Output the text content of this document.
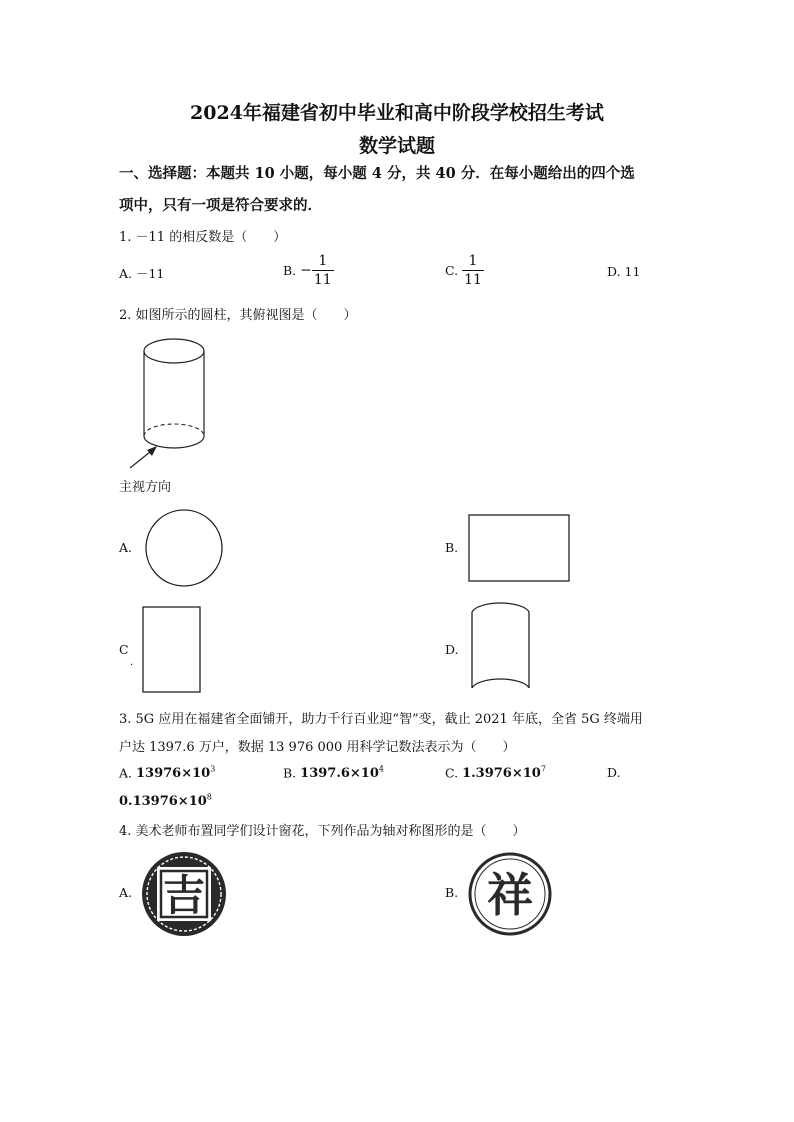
2024年福建省初中毕业和高中阶段学校招生考试
数学试题
一、选择题：本题共 10 小题，每小题 4 分，共 40 分．在每小题给出的四个选
项中，只有一项是符合要求的．
1. －11 的相反数是（　　）
A. －11	B. − $\frac{1}{11}$	C. $\frac{1}{11}$	D. 11
2. 如图所示的圆柱，其俯视图是（　　）
主视方向
A.	B.
C
·
D.
3. 5G 应用在福建省全面铺开，助力千行百业迎“智”变，截止 2021 年底，全省 5G 终端用
户达 1397.6 万户，数据 13 976 000 用科学记数法表示为（　　）
A. $13976\times 10^3$	B. $1397.6\times 10^4$	C. $1.3976\times 10^7$	D.
$0.13976\times 10^8$
4. 美术老师布置同学们设计窗花，下列作品为轴对称图形的是（　　）
A. 吉	B. 祥
